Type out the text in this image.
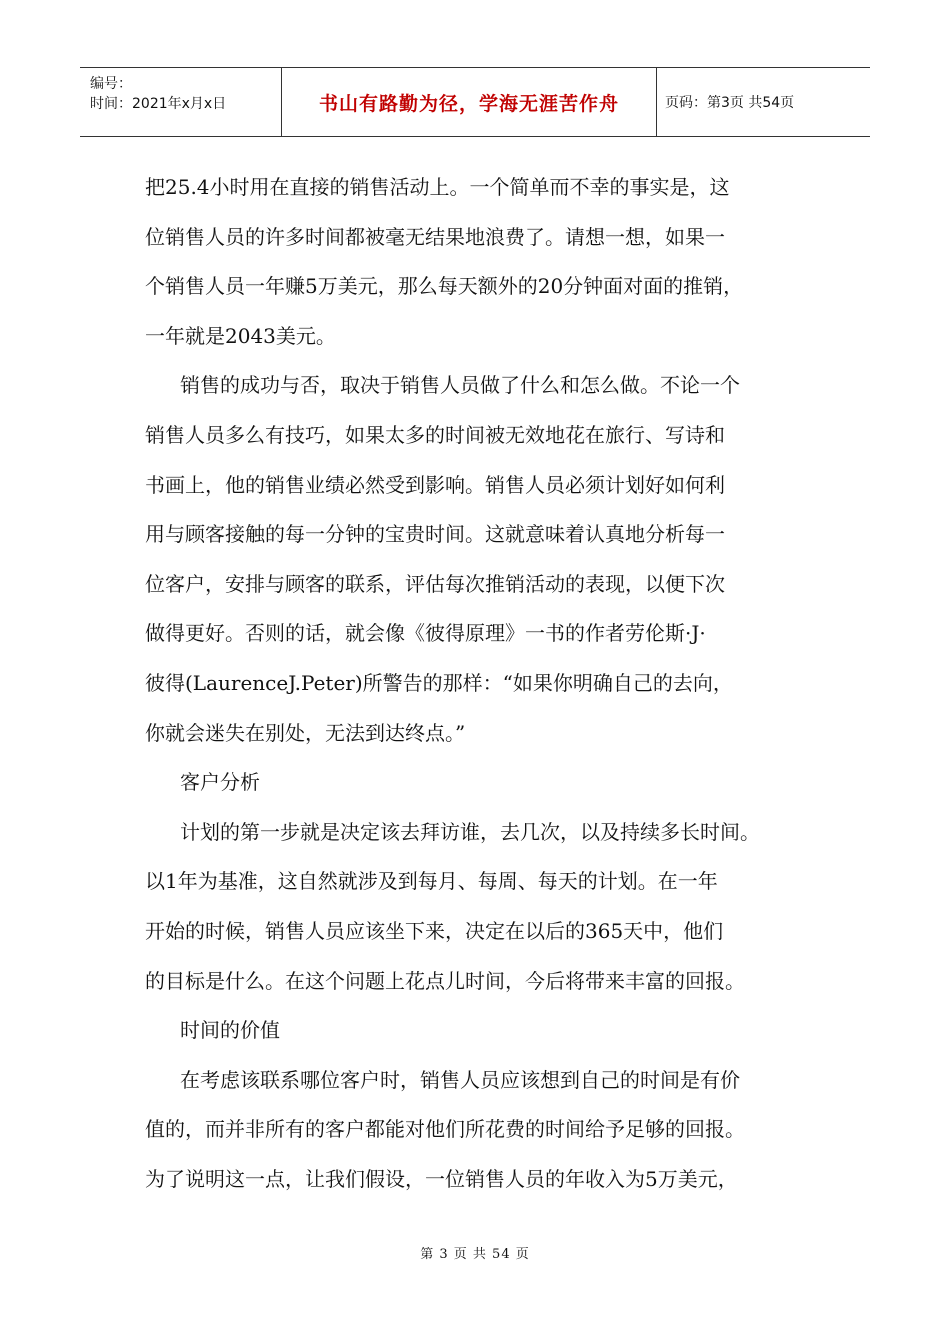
编号：
时间：2021年x月x日	书山有路勤为径，学海无涯苦作舟	页码：第3页 共54页
把25.4小时用在直接的销售活动上。一个简单而不幸的事实是，这
位销售人员的许多时间都被毫无结果地浪费了。请想一想，如果一
个销售人员一年赚5万美元，那么每天额外的20分钟面对面的推销，
一年就是2043美元。
销售的成功与否，取决于销售人员做了什么和怎么做。不论一个
销售人员多么有技巧，如果太多的时间被无效地花在旅行、写诗和
书画上，他的销售业绩必然受到影响。销售人员必须计划好如何利
用与顾客接触的每一分钟的宝贵时间。这就意味着认真地分析每一
位客户，安排与顾客的联系，评估每次推销活动的表现，以便下次
做得更好。否则的话，就会像《彼得原理》一书的作者劳伦斯·J·
彼得(LaurenceJ.Peter)所警告的那样：“如果你明确自己的去向，
你就会迷失在别处，无法到达终点。”
客户分析
计划的第一步就是决定该去拜访谁，去几次，以及持续多长时间。
以1年为基准，这自然就涉及到每月、每周、每天的计划。在一年
开始的时候，销售人员应该坐下来，决定在以后的365天中，他们
的目标是什么。在这个问题上花点儿时间，今后将带来丰富的回报。
时间的价值
在考虑该联系哪位客户时，销售人员应该想到自己的时间是有价
值的，而并非所有的客户都能对他们所花费的时间给予足够的回报。
为了说明这一点，让我们假设，一位销售人员的年收入为5万美元，
第 3 页 共 54 页
